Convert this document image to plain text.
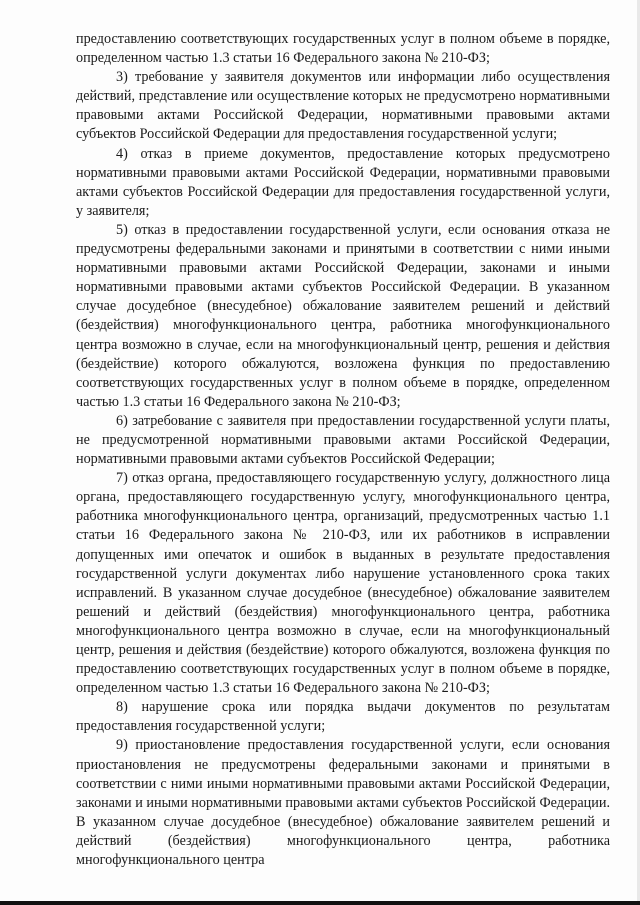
предоставлению соответствующих государственных услуг в полном объеме в порядке, определенном частью 1.3 статьи 16 Федерального закона № 210-ФЗ;

3) требование у заявителя документов или информации либо осуществления действий, представление или осуществление которых не предусмотрено нормативными правовыми актами Российской Федерации, нормативными правовыми актами субъектов Российской Федерации для предоставления государственной услуги;

4) отказ в приеме документов, предоставление которых предусмотрено нормативными правовыми актами Российской Федерации, нормативными правовыми актами субъектов Российской Федерации для предоставления государственной услуги, у заявителя;

5) отказ в предоставлении государственной услуги, если основания отказа не предусмотрены федеральными законами и принятыми в соответствии с ними иными нормативными правовыми актами Российской Федерации, законами и иными нормативными правовыми актами субъектов Российской Федерации. В указанном случае досудебное (внесудебное) обжалование заявителем решений и действий (бездействия) многофункционального центра, работника многофункционального центра возможно в случае, если на многофункциональный центр, решения и действия (бездействие) которого обжалуются, возложена функция по предоставлению соответствующих государственных услуг в полном объеме в порядке, определенном частью 1.3 статьи 16 Федерального закона № 210-ФЗ;

6) затребование с заявителя при предоставлении государственной услуги платы, не предусмотренной нормативными правовыми актами Российской Федерации, нормативными правовыми актами субъектов Российской Федерации;

7) отказ органа, предоставляющего государственную услугу, должностного лица органа, предоставляющего государственную услугу, многофункционального центра, работника многофункционального центра, организаций, предусмотренных частью 1.1 статьи 16 Федерального закона № 210-ФЗ, или их работников в исправлении допущенных ими опечаток и ошибок в выданных в результате предоставления государственной услуги документах либо нарушение установленного срока таких исправлений. В указанном случае досудебное (внесудебное) обжалование заявителем решений и действий (бездействия) многофункционального центра, работника многофункционального центра возможно в случае, если на многофункциональный центр, решения и действия (бездействие) которого обжалуются, возложена функция по предоставлению соответствующих государственных услуг в полном объеме в порядке, определенном частью 1.3 статьи 16 Федерального закона № 210-ФЗ;

8) нарушение срока или порядка выдачи документов по результатам предоставления государственной услуги;

9) приостановление предоставления государственной услуги, если основания приостановления не предусмотрены федеральными законами и принятыми в соответствии с ними иными нормативными правовыми актами Российской Федерации, законами и иными нормативными правовыми актами субъектов Российской Федерации. В указанном случае досудебное (внесудебное) обжалование заявителем решений и действий (бездействия) многофункционального центра, работника многофункционального центра
